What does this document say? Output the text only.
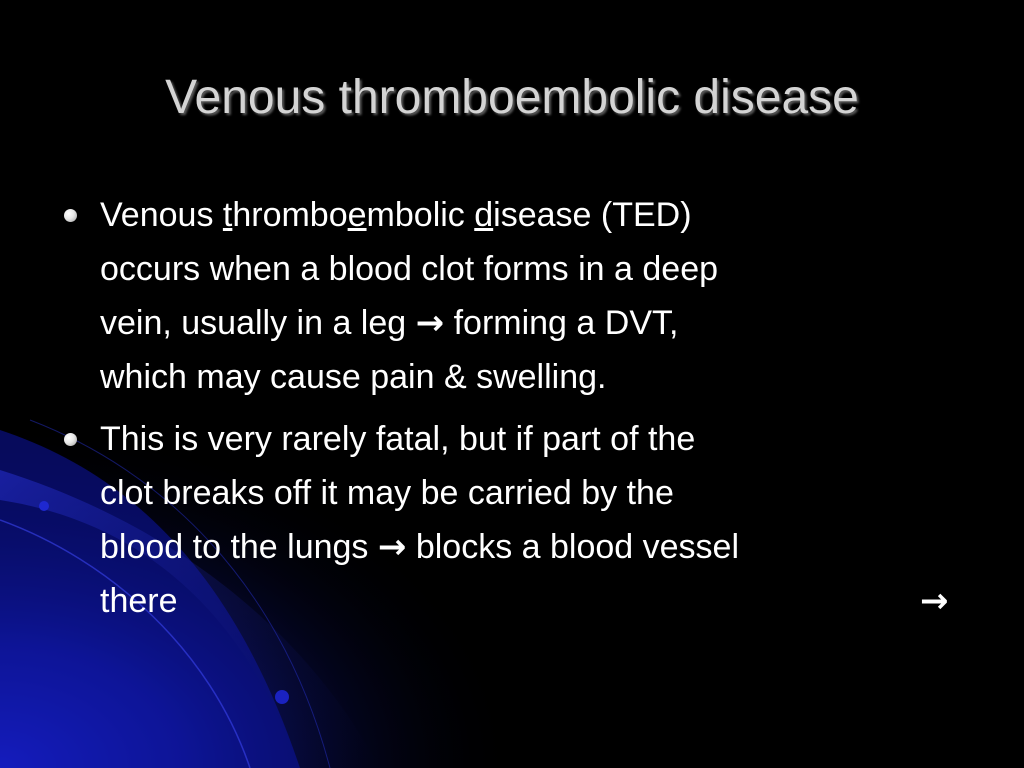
Venous thromboembolic disease
Venous thromboembolic disease (TED)
occurs when a blood clot forms in a deep
vein, usually in a leg → forming a DVT,
which may cause pain & swelling.
This is very rarely fatal, but if part of the
clot breaks off it may be carried by the
blood to the lungs → blocks a blood vessel
there	→
